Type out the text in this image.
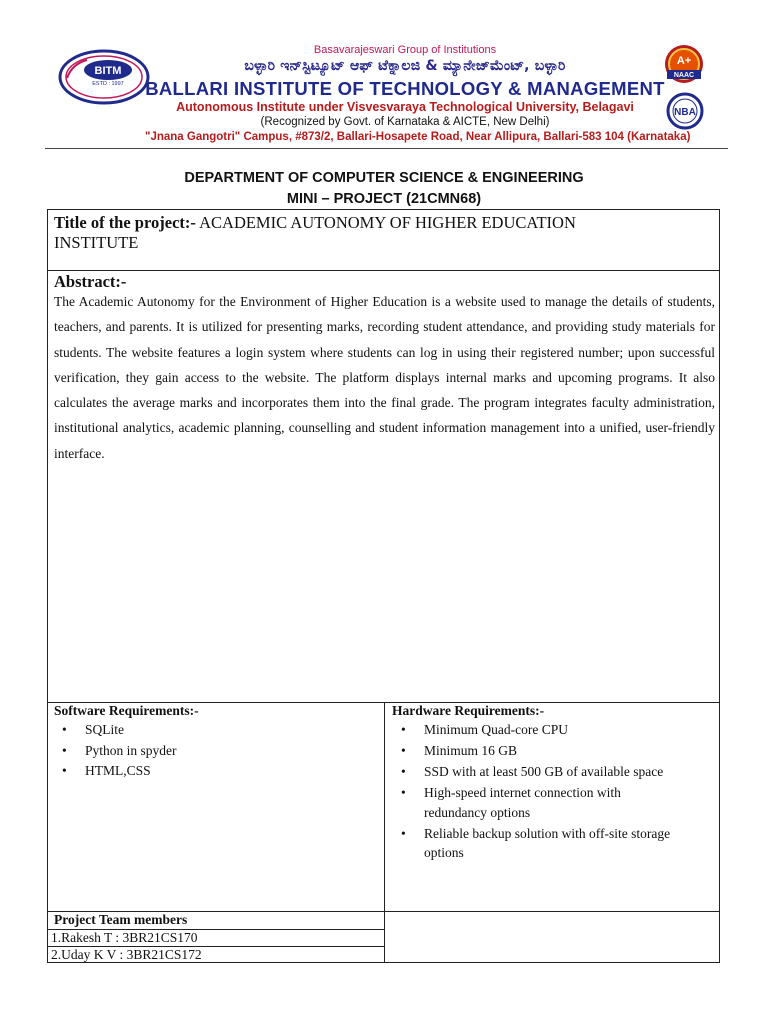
BITM
ESTD : 1997
Basavarajeswari Group of Institutions
ಬಳ್ಳಾರಿ ಇನ್‌ಸ್ಟಿಟ್ಯೂಟ್ ಆಫ್ ಟೆಕ್ನಾಲಜಿ & ಮ್ಯಾನೇಜ್‌ಮೆಂಟ್, ಬಳ್ಳಾರಿ
BALLARI INSTITUTE OF TECHNOLOGY & MANAGEMENT
Autonomous Institute under Visvesvaraya Technological University, Belagavi
(Recognized by Govt. of Karnataka & AICTE, New Delhi)
"Jnana Gangotri" Campus, #873/2, Ballari-Hosapete Road, Near Allipura, Ballari-583 104 (Karnataka)
A+
NAAC
NBA
DEPARTMENT OF COMPUTER SCIENCE & ENGINEERING
MINI – PROJECT (21CMN68)
Title of the project:- ACADEMIC AUTONOMY OF HIGHER EDUCATION INSTITUTE
Abstract:-
The Academic Autonomy for the Environment of Higher Education is a website used to manage the details of students, teachers, and parents. It is utilized for presenting marks, recording student attendance, and providing study materials for students. The website features a login system where students can log in using their registered number; upon successful verification, they gain access to the website. The platform displays internal marks and upcoming programs. It also calculates the average marks and incorporates them into the final grade. The program integrates faculty administration, institutional analytics, academic planning, counselling and student information management into a unified, user-friendly interface.
Software Requirements:-
• SQLite
• Python in spyder
• HTML,CSS
Hardware Requirements:-
• Minimum Quad-core CPU
• Minimum 16 GB
• SSD with at least 500 GB of available space
• High-speed internet connection with redundancy options
• Reliable backup solution with off-site storage options
Project Team members
1.Rakesh T : 3BR21CS170
2.Uday K V : 3BR21CS172
